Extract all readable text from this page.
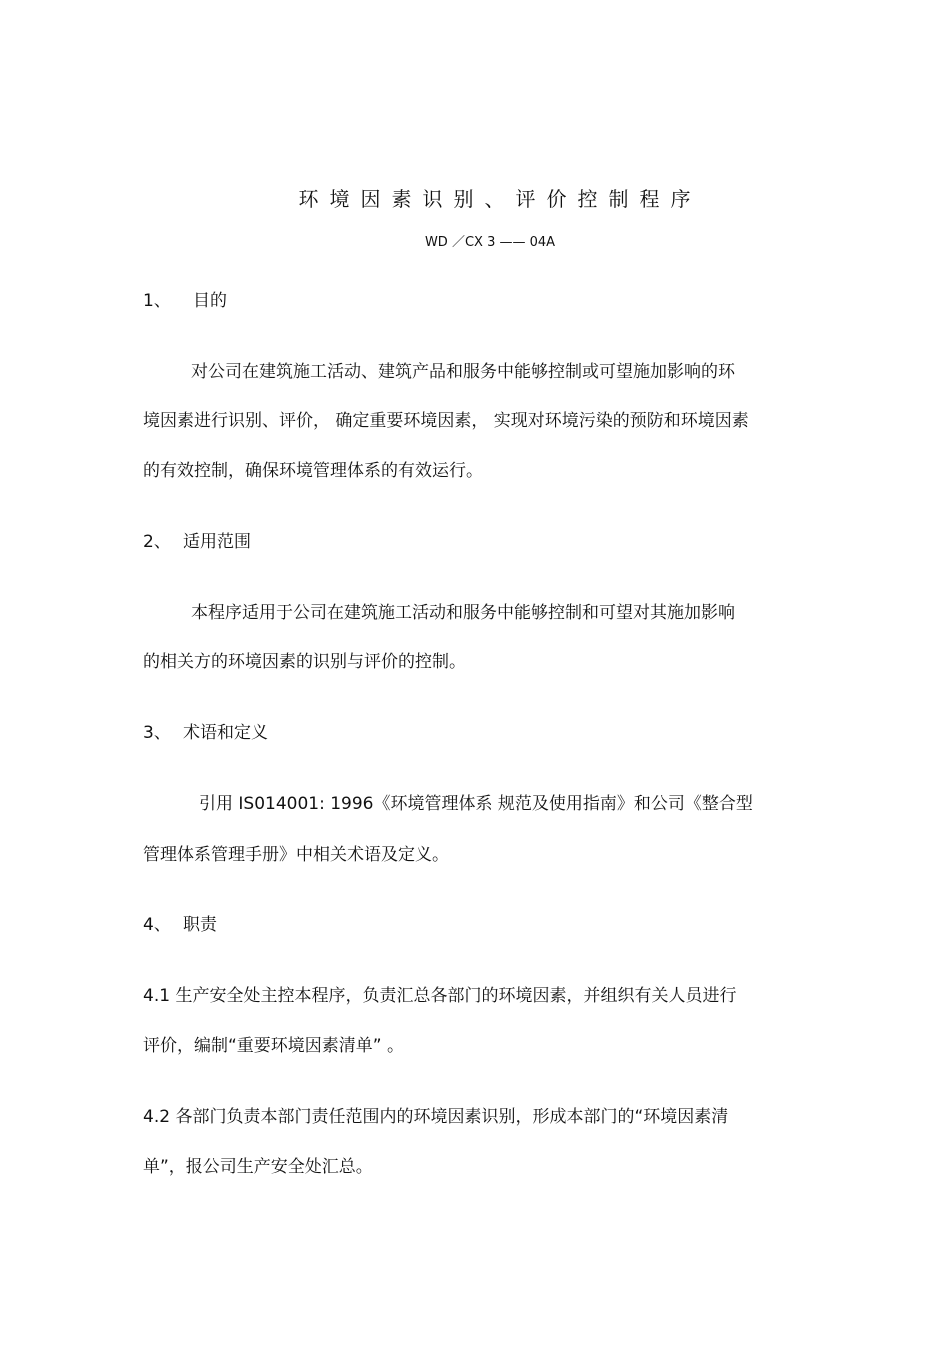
环境因素识别、评价控制程序
WD ／CX 3 —— 04A
1、 目的
对公司在建筑施工活动、建筑产品和服务中能够控制或可望施加影响的环
境因素进行识别、评价， 确定重要环境因素， 实现对环境污染的预防和环境因素
的有效控制，确保环境管理体系的有效运行。
2、 适用范围
本程序适用于公司在建筑施工活动和服务中能够控制和可望对其施加影响
的相关方的环境因素的识别与评价的控制。
3、 术语和定义
引用 IS014001: 1996《环境管理体系 规范及使用指南》和公司《整合型
管理体系管理手册》中相关术语及定义。
4、 职责
4.1 生产安全处主控本程序，负责汇总各部门的环境因素，并组织有关人员进行
评价，编制“重要环境因素清单” 。
4.2 各部门负责本部门责任范围内的环境因素识别，形成本部门的“环境因素清
单”，报公司生产安全处汇总。
